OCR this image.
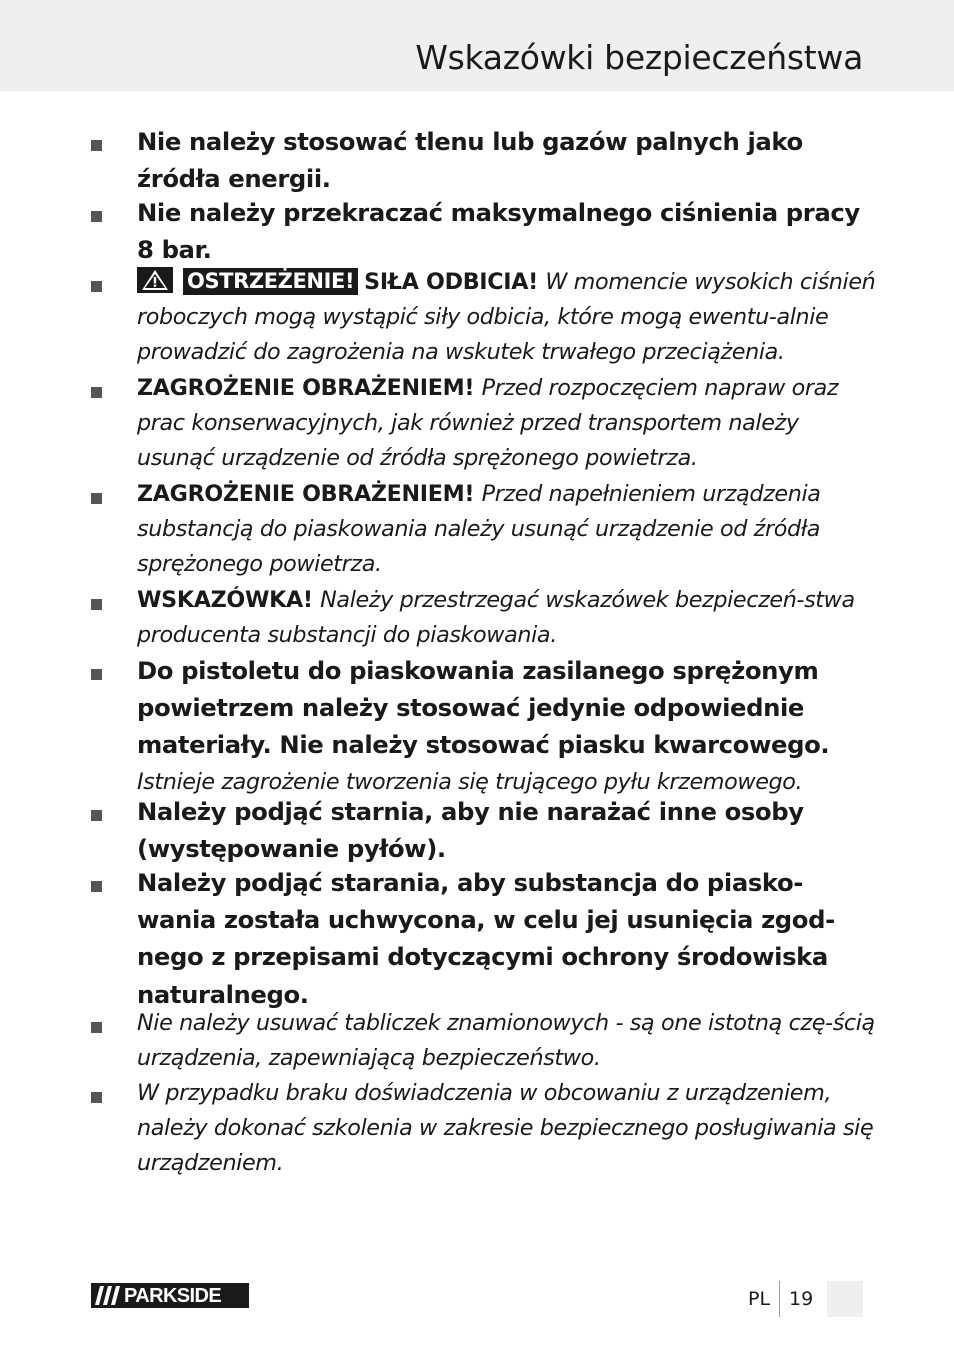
Wskazówki bezpieczeństwa
Nie należy stosować tlenu lub gazów palnych jako źródła energii.
Nie należy przekraczać maksymalnego ciśnienia pracy 8 bar.
OSTRZEŻENIE! SIŁA ODBICIA! W momencie wysokich ciśnień roboczych mogą wystąpić siły odbicia, które mogą ewentu-alnie prowadzić do zagrożenia na wskutek trwałego przeciążenia.
ZAGROŻENIE OBRAŻENIEM! Przed rozpoczęciem napraw oraz prac konserwacyjnych, jak również przed transportem należy usunąć urządzenie od źródła sprężonego powietrza.
ZAGROŻENIE OBRAŻENIEM! Przed napełnieniem urządzenia substancją do piaskowania należy usunąć urządzenie od źródła sprężonego powietrza.
WSKAZÓWKA! Należy przestrzegać wskazówek bezpieczeń-stwa producenta substancji do piaskowania.
Do pistoletu do piaskowania zasilanego sprężonym powietrzem należy stosować jedynie odpowiednie materiały. Nie należy stosować piasku kwarcowego. Istnieje zagrożenie tworzenia się trującego pyłu krzemowego.
Należy podjąć starnia, aby nie narażać inne osoby (występowanie pyłów).
Należy podjąć starania, aby substancja do piasko-wania została uchwycona, w celu jej usunięcia zgod-nego z przepisami dotyczącymi ochrony środowiska naturalnego.
Nie należy usuwać tabliczek znamionowych - są one istotną czę-ścią urządzenia, zapewniającą bezpieczeństwo.
W przypadku braku doświadczenia w obcowaniu z urządzeniem, należy dokonać szkolenia w zakresie bezpiecznego posługiwania się urządzeniem.
PARKSIDE	PL 19
